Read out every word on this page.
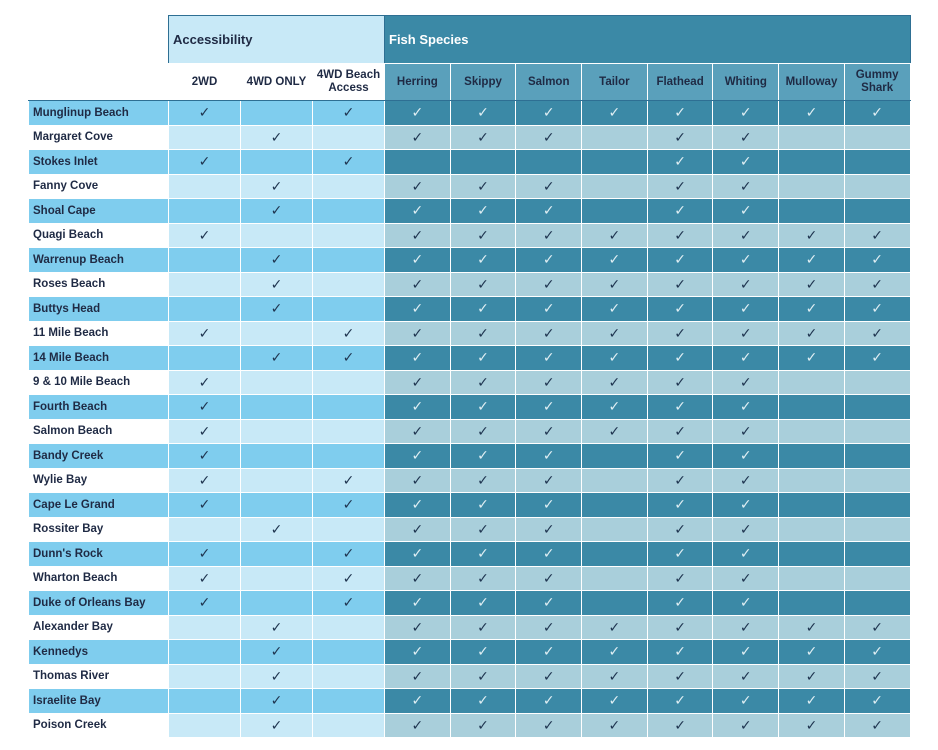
	Accessibility			Fish Species							
	2WD	4WD ONLY	4WD Beach Access	Herring	Skippy	Salmon	Tailor	Flathead	Whiting	Mulloway	Gummy Shark
Munglinup Beach	✓		✓	✓	✓	✓	✓	✓	✓	✓	✓
Margaret Cove		✓		✓	✓	✓		✓	✓		
Stokes Inlet	✓		✓					✓	✓		
Fanny Cove		✓		✓	✓	✓		✓	✓		
Shoal Cape		✓		✓	✓	✓		✓	✓		
Quagi Beach	✓			✓	✓	✓	✓	✓	✓	✓	✓
Warrenup Beach		✓		✓	✓	✓	✓	✓	✓	✓	✓
Roses Beach		✓		✓	✓	✓	✓	✓	✓	✓	✓
Buttys Head		✓		✓	✓	✓	✓	✓	✓	✓	✓
11 Mile Beach	✓		✓	✓	✓	✓	✓	✓	✓	✓	✓
14 Mile Beach		✓	✓	✓	✓	✓	✓	✓	✓	✓	✓
9 & 10 Mile Beach	✓			✓	✓	✓	✓	✓	✓		
Fourth Beach	✓			✓	✓	✓	✓	✓	✓		
Salmon Beach	✓			✓	✓	✓	✓	✓	✓		
Bandy Creek	✓			✓	✓	✓		✓	✓		
Wylie Bay	✓		✓	✓	✓	✓		✓	✓		
Cape Le Grand	✓		✓	✓	✓	✓		✓	✓		
Rossiter Bay		✓		✓	✓	✓		✓	✓		
Dunn's Rock	✓		✓	✓	✓	✓		✓	✓		
Wharton Beach	✓		✓	✓	✓	✓		✓	✓		
Duke of Orleans Bay	✓		✓	✓	✓	✓		✓	✓		
Alexander Bay		✓		✓	✓	✓	✓	✓	✓	✓	✓
Kennedys		✓		✓	✓	✓	✓	✓	✓	✓	✓
Thomas River		✓		✓	✓	✓	✓	✓	✓	✓	✓
Israelite Bay		✓		✓	✓	✓	✓	✓	✓	✓	✓
Poison Creek		✓		✓	✓	✓	✓	✓	✓	✓	✓
